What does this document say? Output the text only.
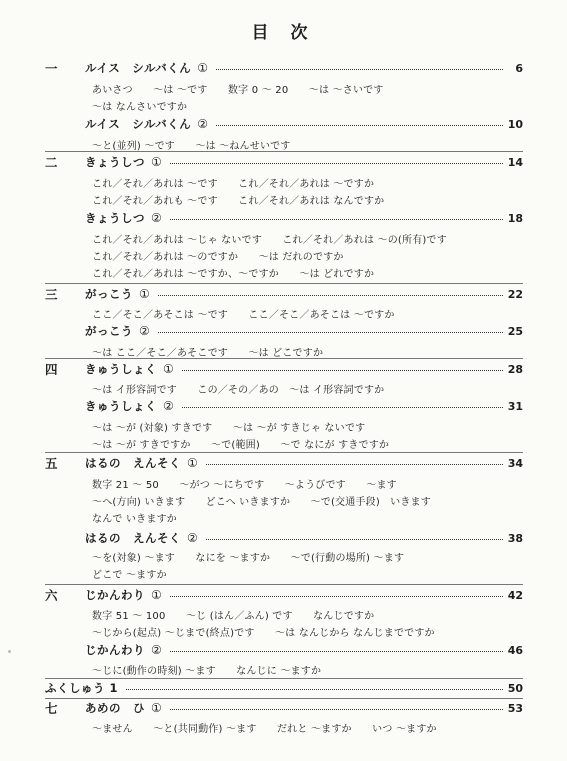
目 次
一	ルイス　シルバくん ①	6
あいさつ　　～は ～です　　数字 0 ～ 20　　～は ～さいです
～は なんさいですか
ルイス　シルバくん ②	10
～と(並列) ～です　　～は ～ねんせいです
二	きょうしつ ①	14
これ／それ／あれは ～です　　これ／それ／あれは ～ですか
これ／それ／あれも ～です　　これ／それ／あれは なんですか
きょうしつ ②	18
これ／それ／あれは ～じゃ ないです　　これ／それ／あれは ～の(所有)です
これ／それ／あれは ～のですか　　～は だれのですか
これ／それ／あれは ～ですか、～ですか　　～は どれですか
三	がっこう ①	22
ここ／そこ／あそこは ～です　　ここ／そこ／あそこは ～ですか
がっこう ②	25
～は ここ／そこ／あそこです　　～は どこですか
四	きゅうしょく ①	28
～は イ形容詞です　　この／その／あの　～は イ形容詞ですか
きゅうしょく ②	31
～は ～が (対象) すきです　　～は ～が すきじゃ ないです
～は ～が すきですか　　～で(範囲)　　～で なにが すきですか
五	はるの　えんそく ①	34
数字 21 ～ 50　　～がつ ～にちです　　～ようびです　　～ます
～へ(方向) いきます　　どこへ いきますか　　～で(交通手段)　いきます
なんで いきますか
はるの　えんそく ②	38
～を(対象) ～ます　　なにを ～ますか　　～で(行動の場所) ～ます
どこで ～ますか
六	じかんわり ①	42
数字 51 ～ 100　　～じ (はん／ふん) です　　なんじですか
～じから(起点) ～じまで(終点)です　　～は なんじから なんじまでですか
じかんわり ②	46
～じに(動作の時刻) ～ます　　なんじに ～ますか
ふくしゅう 1	50
七	あめの　ひ ①	53
～ません　　～と(共同動作) ～ます　　だれと ～ますか　　いつ ～ますか
